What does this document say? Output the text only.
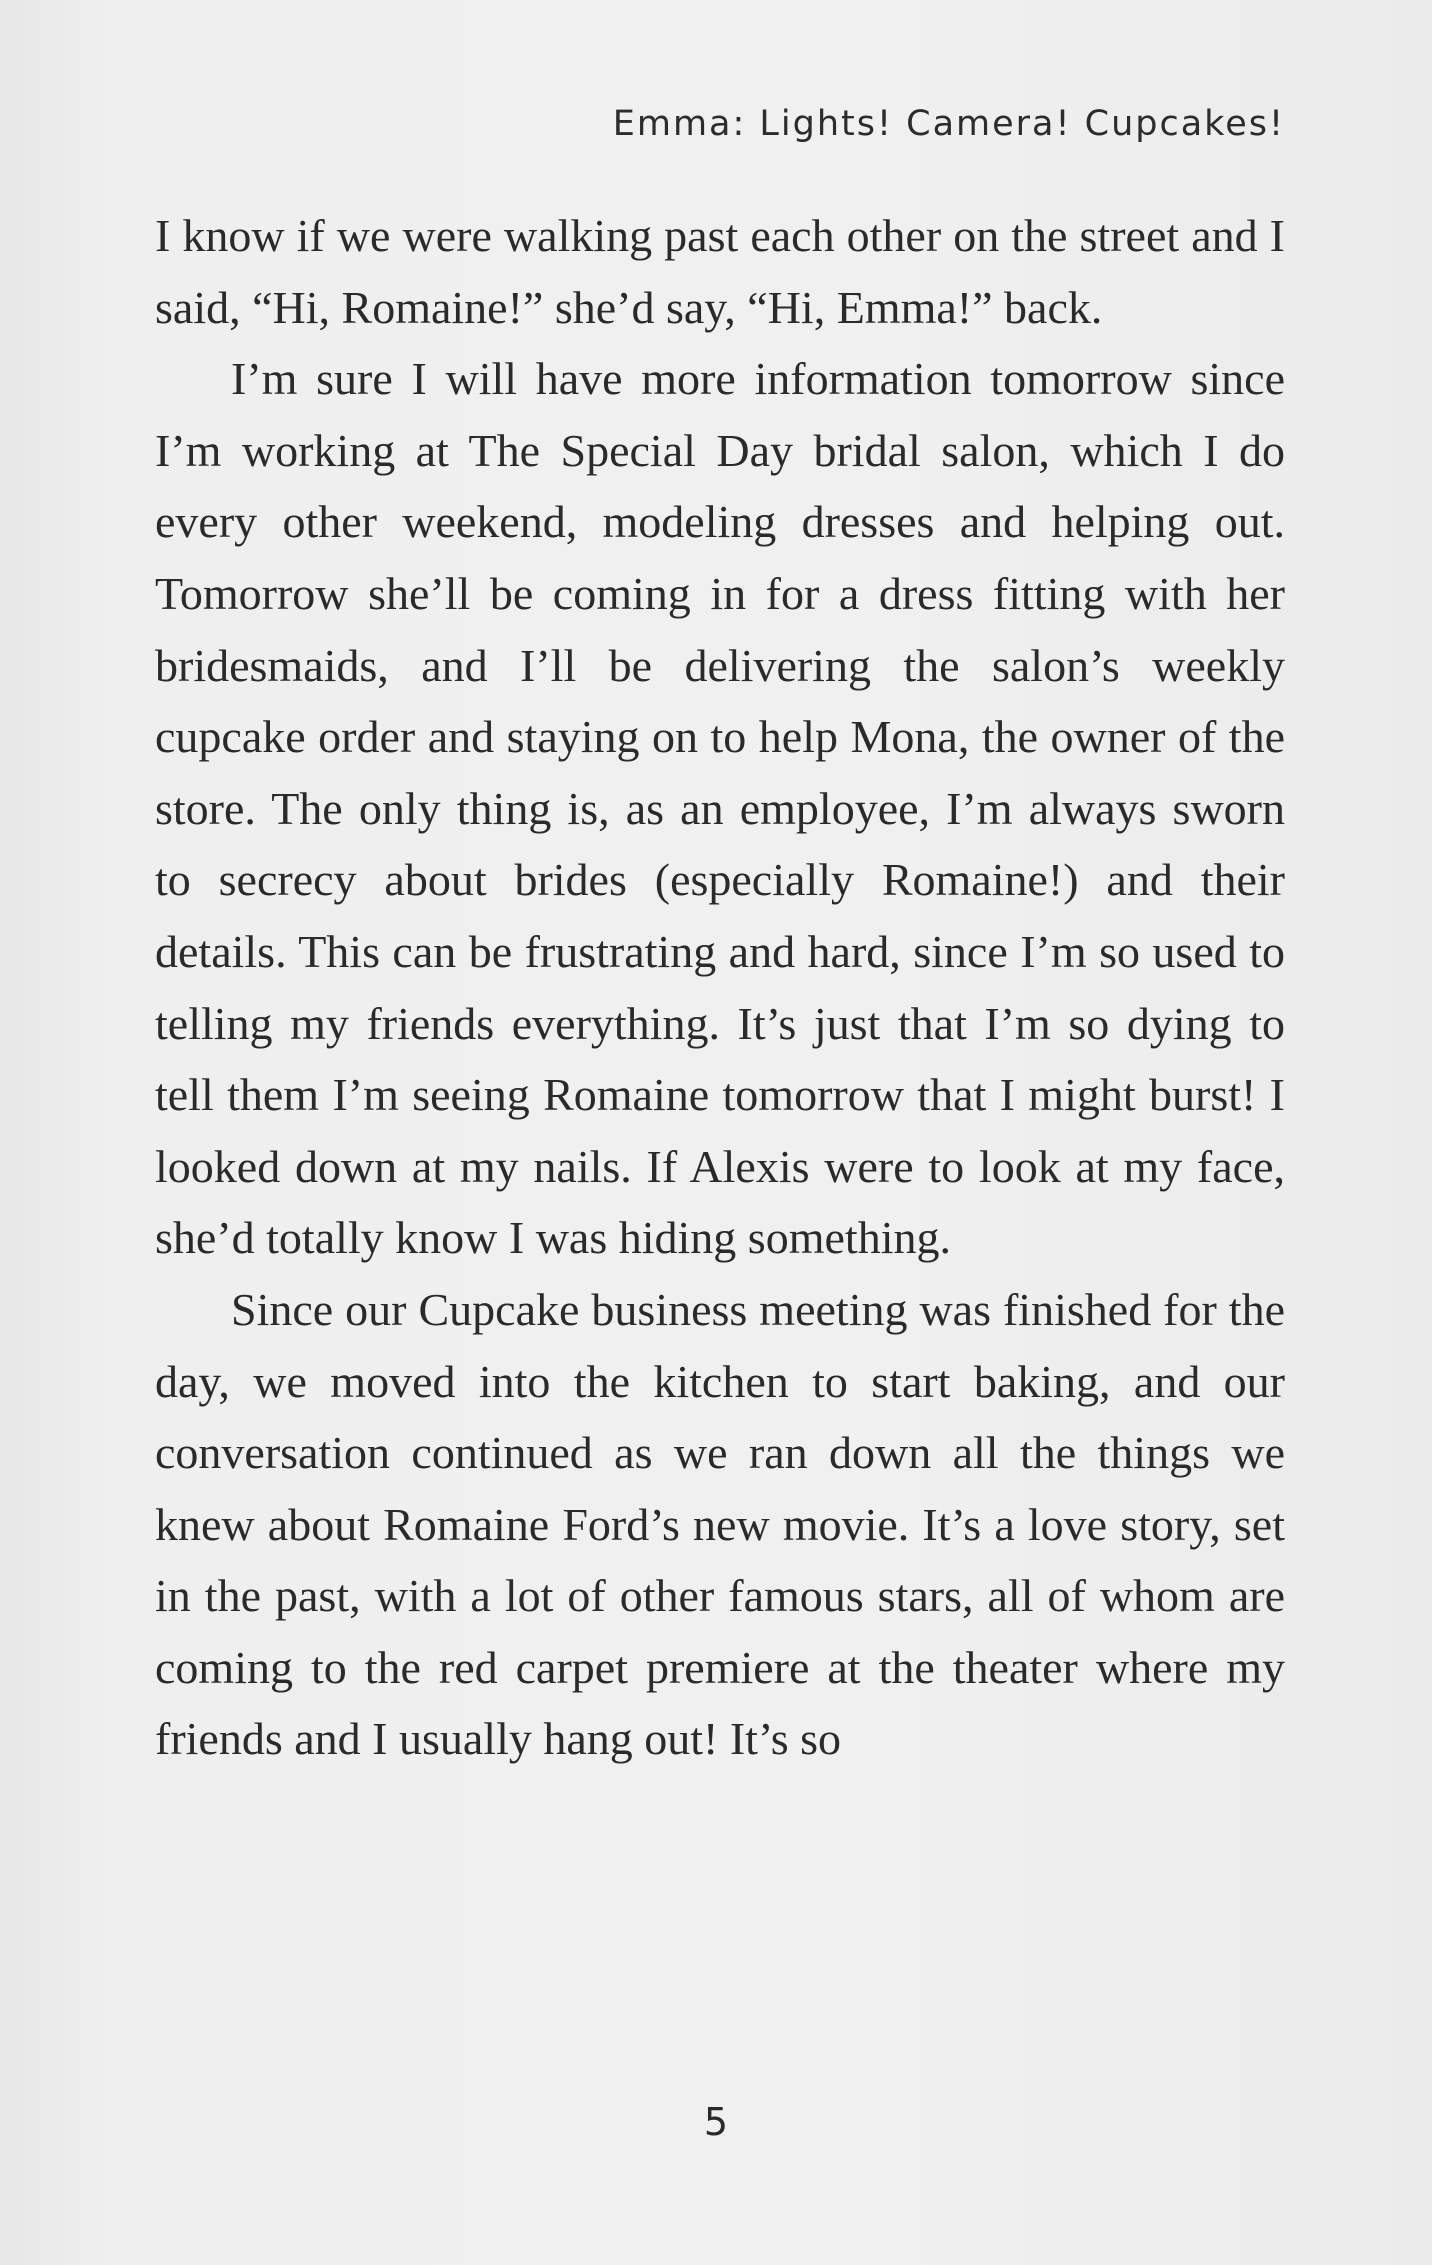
Emma: Lights! Camera! Cupcakes!

I know if we were walking past each other on the street and I said, “Hi, Romaine!” she’d say, “Hi, Emma!” back.

I’m sure I will have more information tomorrow since I’m working at The Special Day bridal salon, which I do every other weekend, modeling dresses and helping out. Tomorrow she’ll be coming in for a dress fitting with her bridesmaids, and I’ll be delivering the salon’s weekly cupcake order and staying on to help Mona, the owner of the store. The only thing is, as an employee, I’m always sworn to secrecy about brides (especially Romaine!) and their details. This can be frustrating and hard, since I’m so used to telling my friends everything. It’s just that I’m so dying to tell them I’m seeing Romaine tomorrow that I might burst! I looked down at my nails. If Alexis were to look at my face, she’d totally know I was hiding something.

Since our Cupcake business meeting was finished for the day, we moved into the kitchen to start baking, and our conversation continued as we ran down all the things we knew about Romaine Ford’s new movie. It’s a love story, set in the past, with a lot of other famous stars, all of whom are coming to the red carpet premiere at the theater where my friends and I usually hang out! It’s so

5
